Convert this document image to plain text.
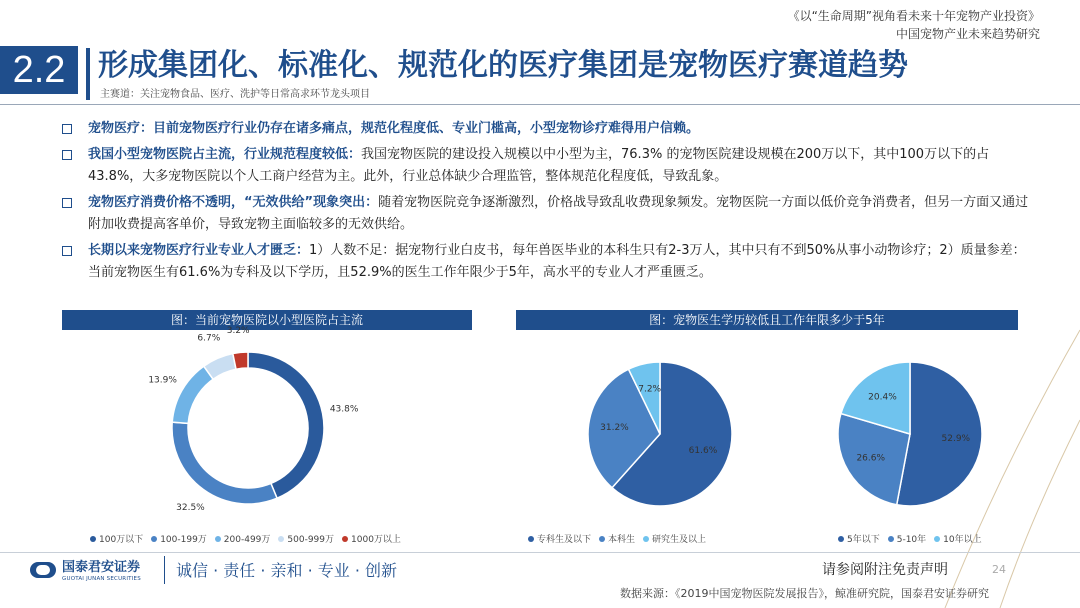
《以“生命周期”视角看未来十年宠物产业投资》
中国宠物产业未来趋势研究
2.2	形成集团化、标准化、规范化的医疗集团是宠物医疗赛道趋势
主赛道：关注宠物食品、医疗、洗护等日常高求环节龙头项目
宠物医疗：目前宠物医疗行业仍存在诸多痛点，规范化程度低、专业门槛高，小型宠物诊疗难得用户信赖。
我国小型宠物医院占主流，行业规范程度较低：我国宠物医院的建设投入规模以中小型为主，76.3% 的宠物医院建设规模在200万以下，其中100万以下的占43.8%，大多宠物医院以个人工商户经营为主。此外，行业总体缺少合理监管，整体规范化程度低，导致乱象。
宠物医疗消费价格不透明，“无效供给”现象突出：随着宠物医院竞争逐渐激烈，价格战导致乱收费现象频发。宠物医院一方面以低价竞争消费者，但另一方面又通过附加收费提高客单价，导致宠物主面临较多的无效供给。
长期以来宠物医疗行业专业人才匮乏：1）人数不足：据宠物行业白皮书，每年兽医毕业的本科生只有2-3万人，其中只有不到50%从事小动物诊疗；2）质量参差：当前宠物医生有61.6%为专科及以下学历，且52.9%的医生工作年限少于5年，高水平的专业人才严重匮乏。
图：当前宠物医院以小型医院占主流
43.8%
32.5%
13.9%
6.7%
3.2%
100万以下 100-199万 200-499万 500-999万 1000万以上
图：宠物医生学历较低且工作年限多少于5年
61.6%
31.2%
7.2%
专科生及以下 本科生 研究生及以上
52.9%
26.6%
20.4%
5年以下 5-10年 10年以上
国泰君安证券
GUOTAI JUNAN SECURITIES 诚信 · 责任 · 亲和 · 专业 · 创新	请参阅附注免责声明	24
数据来源：《2019中国宠物医院发展报告》，鲸准研究院，国泰君安证券研究
